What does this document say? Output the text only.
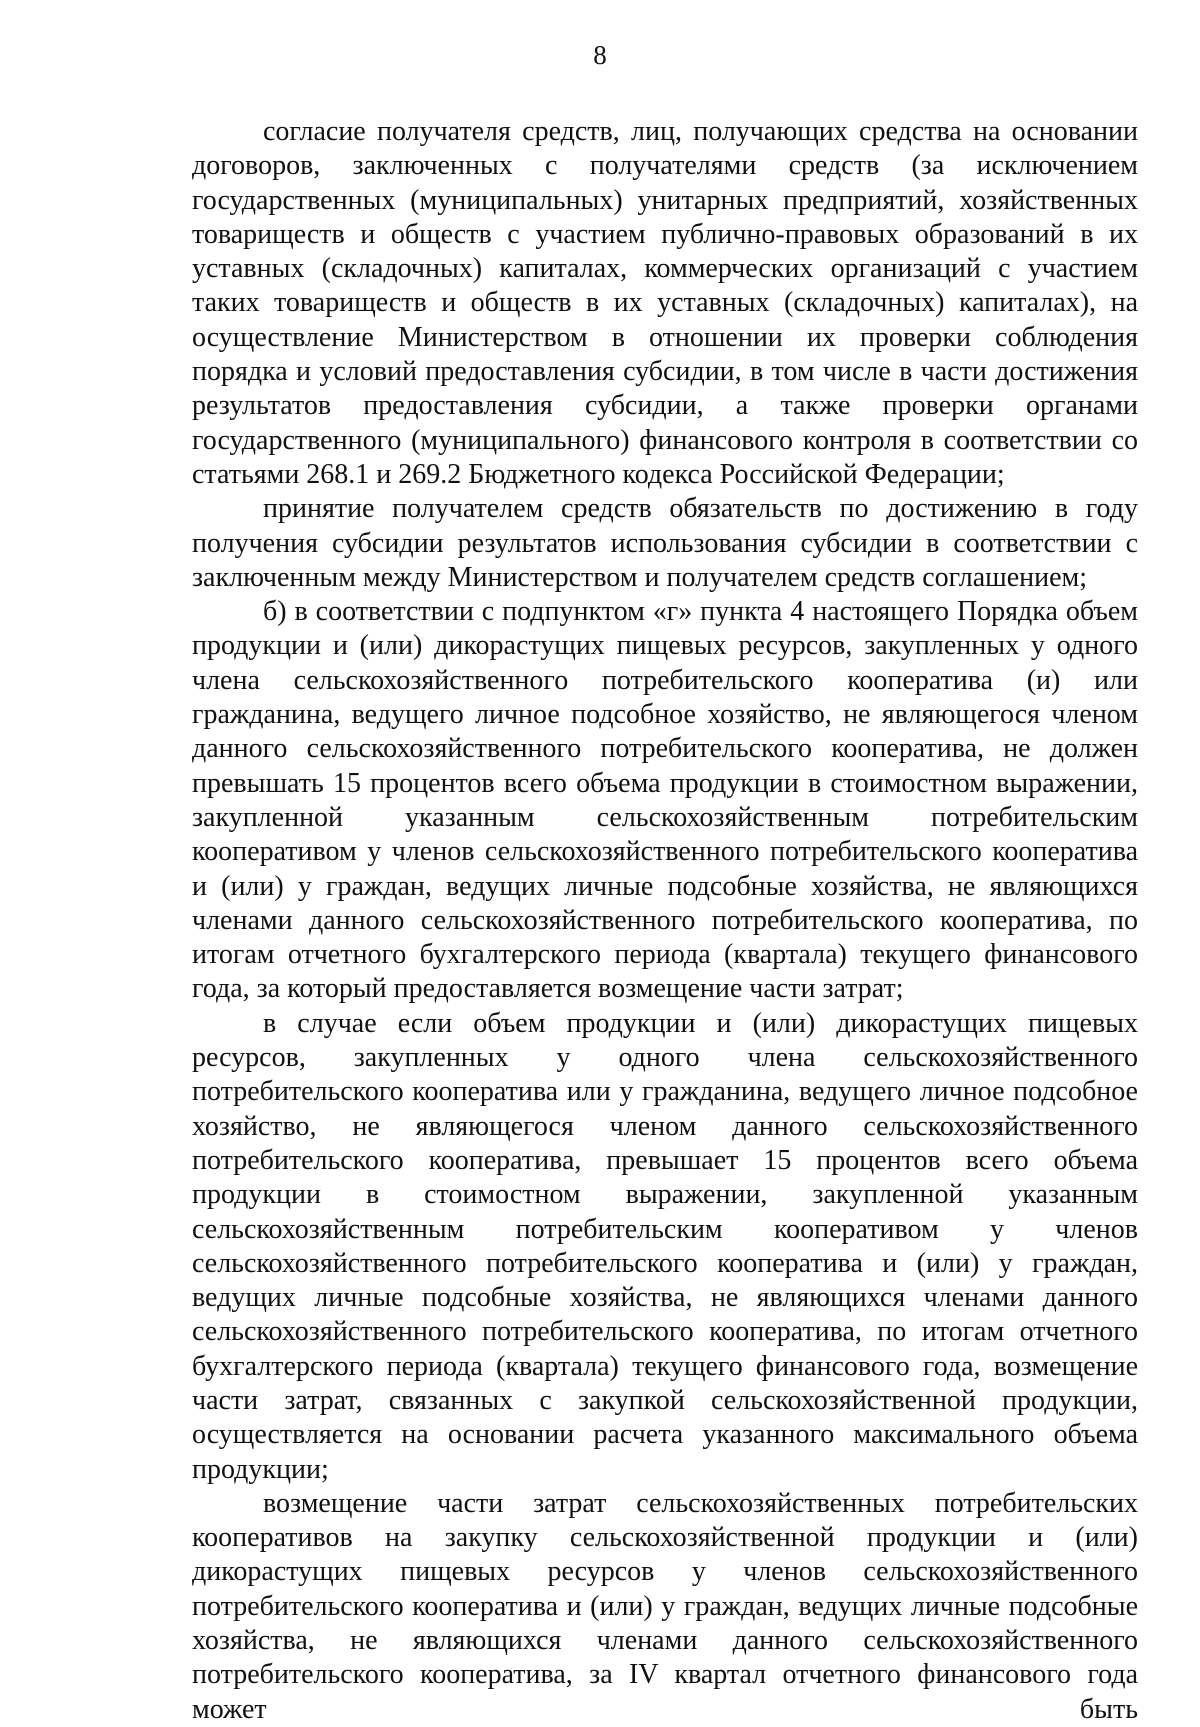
8

согласие получателя средств, лиц, получающих средства на основании договоров, заключенных с получателями средств (за исключением государственных (муниципальных) унитарных предприятий, хозяйственных товариществ и обществ с участием публично-правовых образований в их уставных (складочных) капиталах, коммерческих организаций с участием таких товариществ и обществ в их уставных (складочных) капиталах), на осуществление Министерством в отношении их проверки соблюдения порядка и условий предоставления субсидии, в том числе в части достижения результатов предоставления субсидии, а также проверки органами государственного (муниципального) финансового контроля в соответствии со статьями 268.1 и 269.2 Бюджетного кодекса Российской Федерации;

принятие получателем средств обязательств по достижению в году получения субсидии результатов использования субсидии в соответствии с заключенным между Министерством и получателем средств соглашением;

б) в соответствии с подпунктом «г» пункта 4 настоящего Порядка объем продукции и (или) дикорастущих пищевых ресурсов, закупленных у одного члена сельскохозяйственного потребительского кооператива (и) или гражданина, ведущего личное подсобное хозяйство, не являющегося членом данного сельскохозяйственного потребительского кооператива, не должен превышать 15 процентов всего объема продукции в стоимостном выражении, закупленной указанным сельскохозяйственным потребительским кооперативом у членов сельскохозяйственного потребительского кооператива и (или) у граждан, ведущих личные подсобные хозяйства, не являющихся членами данного сельскохозяйственного потребительского кооператива, по итогам отчетного бухгалтерского периода (квартала) текущего финансового года, за который предоставляется возмещение части затрат;

в случае если объем продукции и (или) дикорастущих пищевых ресурсов, закупленных у одного члена сельскохозяйственного потребительского кооператива или у гражданина, ведущего личное подсобное хозяйство, не являющегося членом данного сельскохозяйственного потребительского кооператива, превышает 15 процентов всего объема продукции в стоимостном выражении, закупленной указанным сельскохозяйственным потребительским кооперативом у членов сельскохозяйственного потребительского кооператива и (или) у граждан, ведущих личные подсобные хозяйства, не являющихся членами данного сельскохозяйственного потребительского кооператива, по итогам отчетного бухгалтерского периода (квартала) текущего финансового года, возмещение части затрат, связанных с закупкой сельскохозяйственной продукции, осуществляется на основании расчета указанного максимального объема продукции;

возмещение части затрат сельскохозяйственных потребительских кооперативов на закупку сельскохозяйственной продукции и (или) дикорастущих пищевых ресурсов у членов сельскохозяйственного потребительского кооператива и (или) у граждан, ведущих личные подсобные хозяйства, не являющихся членами данного сельскохозяйственного потребительского кооператива, за IV квартал отчетного финансового года может быть
